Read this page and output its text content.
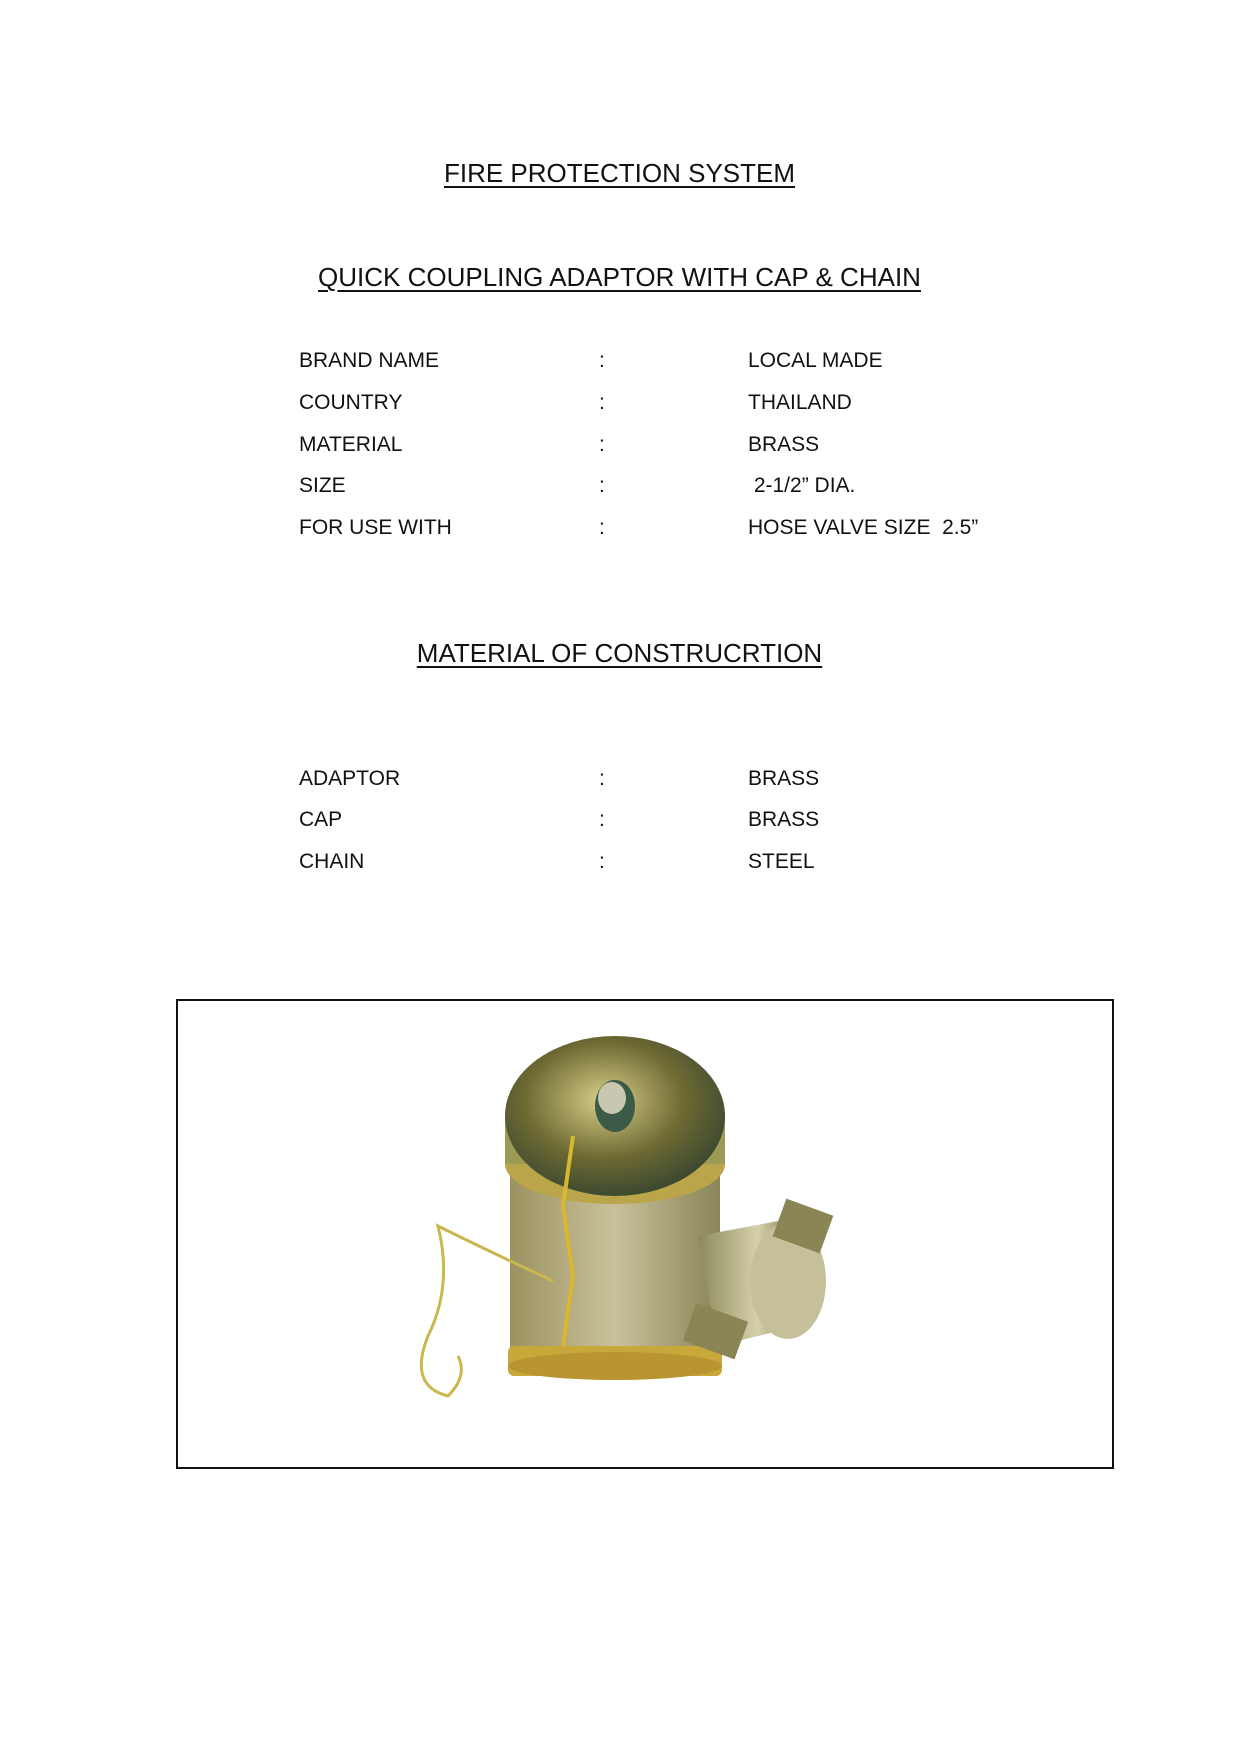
FIRE PROTECTION SYSTEM
QUICK COUPLING ADAPTOR WITH CAP & CHAIN
BRAND NAME	:	LOCAL MADE
COUNTRY	:	THAILAND
MATERIAL	:	BRASS
SIZE	:	2-1/2” DIA.
FOR USE WITH	:	HOSE VALVE SIZE  2.5”
MATERIAL OF CONSTRUCRTION
ADAPTOR	:	BRASS
CAP	:	BRASS
CHAIN	:	STEEL
